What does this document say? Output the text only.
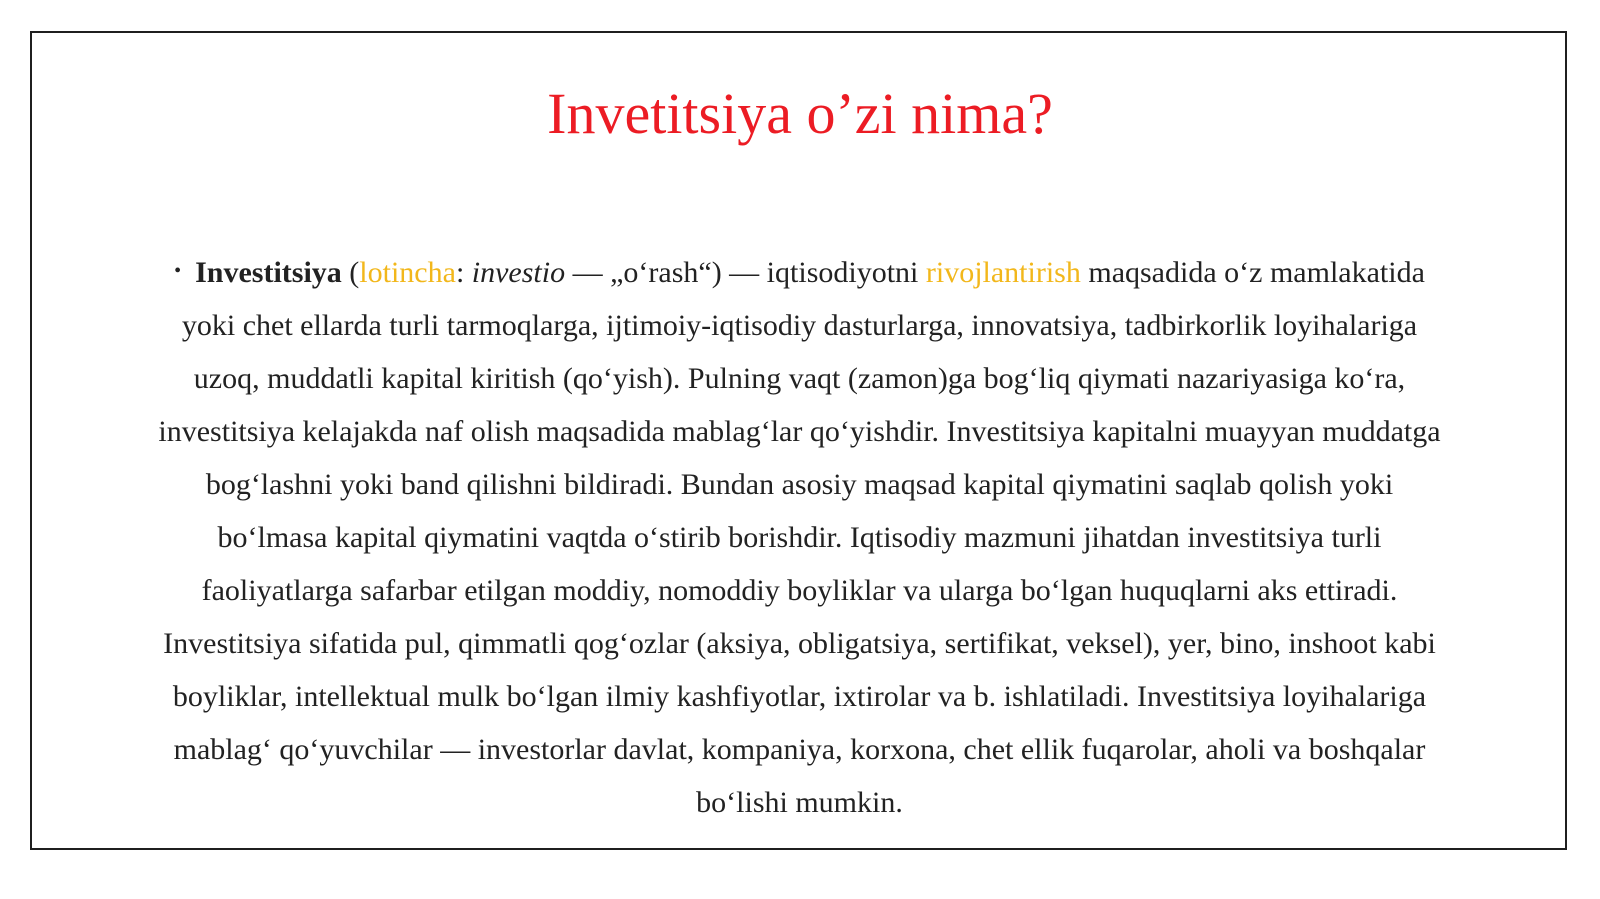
Invetitsiya o’zi nima?

• Investitsiya (lotincha: investio — „o‘rash“) — iqtisodiyotni rivojlantirish maqsadida o‘z mamlakatida yoki chet ellarda turli tarmoqlarga, ijtimoiy-iqtisodiy dasturlarga, innovatsiya, tadbirkorlik loyihalariga uzoq, muddatli kapital kiritish (qo‘yish). Pulning vaqt (zamon)ga bog‘liq qiymati nazariyasiga ko‘ra, investitsiya kelajakda naf olish maqsadida mablag‘lar qo‘yishdir. Investitsiya kapitalni muayyan muddatga bog‘lashni yoki band qilishni bildiradi. Bundan asosiy maqsad kapital qiymatini saqlab qolish yoki bo‘lmasa kapital qiymatini vaqtda o‘stirib borishdir. Iqtisodiy mazmuni jihatdan investitsiya turli faoliyatlarga safarbar etilgan moddiy, nomoddiy boyliklar va ularga bo‘lgan huquqlarni aks ettiradi. Investitsiya sifatida pul, qimmatli qog‘ozlar (aksiya, obligatsiya, sertifikat, veksel), yer, bino, inshoot kabi boyliklar, intellektual mulk bo‘lgan ilmiy kashfiyotlar, ixtirolar va b. ishlatiladi. Investitsiya loyihalariga mablag‘ qo‘yuvchilar — investorlar davlat, kompaniya, korxona, chet ellik fuqarolar, aholi va boshqalar bo‘lishi mumkin.
